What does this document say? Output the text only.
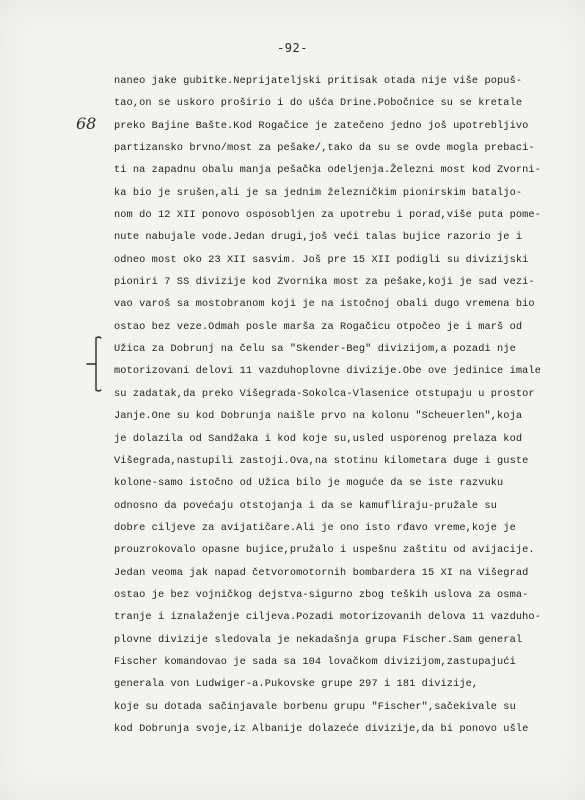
-92-
68
naneo jake gubitke.Neprijateljski pritisak otada nije više popuš-
tao,on se uskoro proširio i do ušća Drine.Pobočnice su se kretale
preko Bajine Bašte.Kod Rogačice je zatečeno jedno još upotrebljivo
partizansko brvno/most za pešake/,tako da su se ovde mogla prebaci-
ti na zapadnu obalu manja pešačka odeljenja.Železni most kod Zvorni-
ka bio je srušen,ali je sa jednim železničkim pionirskim bataljo-
nom do 12 XII ponovo osposobljen za upotrebu i porad,više puta pome-
nute nabujale vode.Jedan drugi,još veći talas bujice razorio je i
odneo most oko 23 XII sasvim. Još pre 15 XII podigli su divizijski
pioniri 7 SS divizije kod Zvornika most za pešake,koji je sad vezi-
vao varoš sa mostobranom koji je na istočnoj obali dugo vremena bio
ostao bez veze.Odmah posle marša za Rogačicu otpočeo je i marš od
Užica za Dobrunj na čelu sa "Skender-Beg" divizijom,a pozadi nje
motorizovani delovi 11 vazduhoplovne divizije.Obe ove jedinice imale
su zadatak,da preko Višegrada-Sokolca-Vlasenice otstupaju u prostor
Janje.One su kod Dobrunja naišle prvo na kolonu "Scheuerlen",koja
je dolazila od Sandžaka i kod koje su,usled usporenog prelaza kod
Višegrada,nastupili zastoji.Ova,na stotinu kilometara duge i guste
kolone-samo istočno od Užica bilo je moguće da se iste razvuku
odnosno da povećaju otstojanja i da se kamufliraju-pružale su
dobre ciljeve za avijatičare.Ali je ono isto rđavo vreme,koje je
prouzrokovalo opasne bujice,pružalo i uspešnu zaštitu od avijacije.
Jedan veoma jak napad četvoromotornih bombardera 15 XI na Višegrad
ostao je bez vojničkog dejstva-sigurno zbog teških uslova za osma-
tranje i iznalaženje ciljeva.Pozadi motorizovanih delova 11 vazduho-
plovne divizije sledovala je nekadašnja grupa Fischer.Sam general
Fischer komandovao je sada sa 104 lovačkom divizijom,zastupajući
generala von Ludwiger-a.Pukovske grupe 297 i 181 divizije,
koje su dotada sačinjavale borbenu grupu "Fischer",sačekivale su
kod Dobrunja svoje,iz Albanije dolazeće divizije,da bi ponovo ušle
